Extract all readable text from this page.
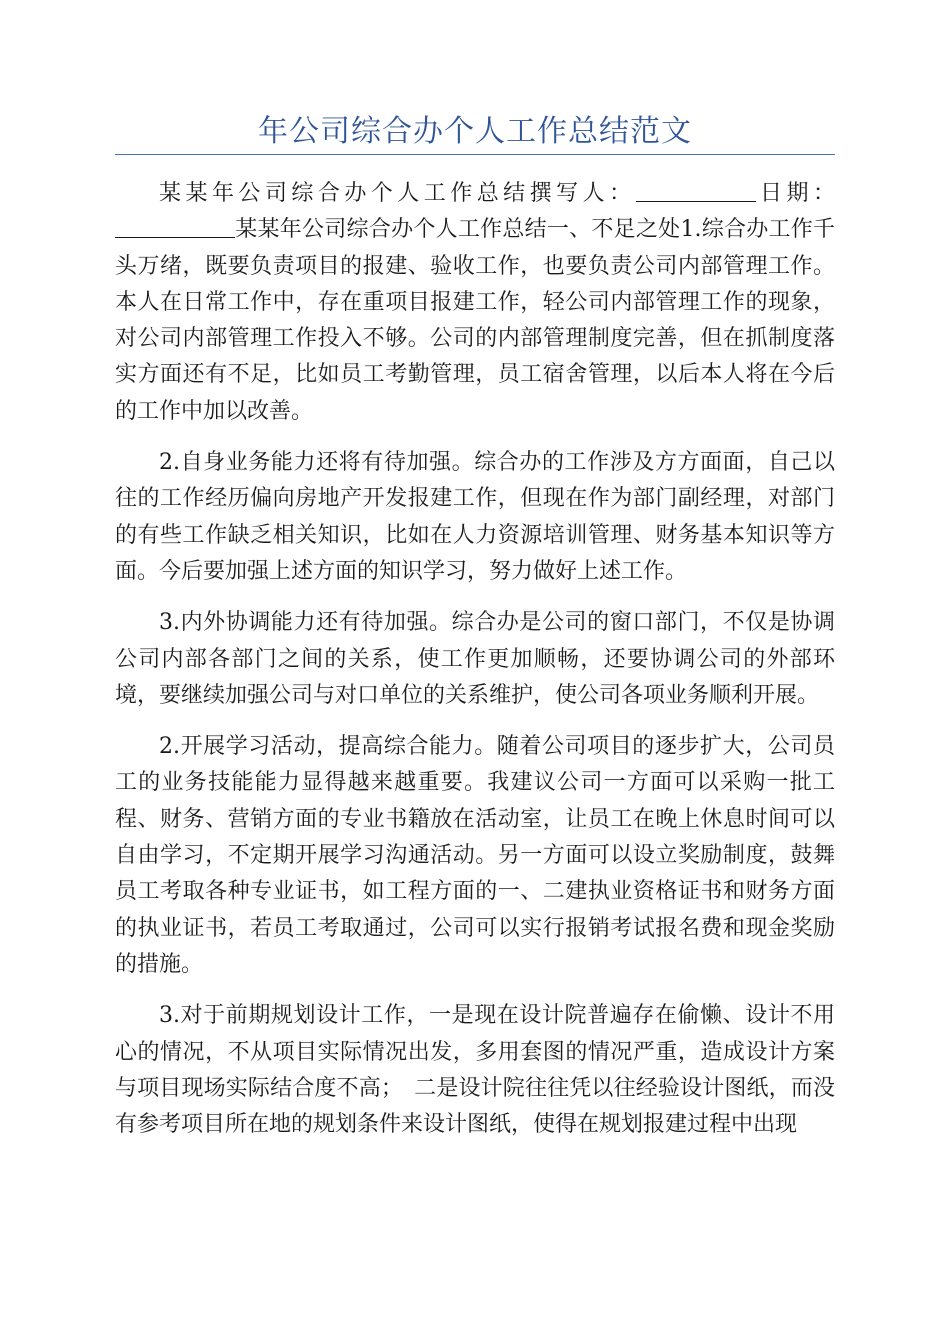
年公司综合办个人工作总结范文

某某年公司综合办个人工作总结撰写人：	日期：某某年公司综合办个人工作总结一、不足之处1.综合办工作千头万绪，既要负责项目的报建、验收工作，也要负责公司内部管理工作。本人在日常工作中，存在重项目报建工作，轻公司内部管理工作的现象，对公司内部管理工作投入不够。公司的内部管理制度完善，但在抓制度落实方面还有不足，比如员工考勤管理，员工宿舍管理，以后本人将在今后的工作中加以改善。

2.自身业务能力还将有待加强。综合办的工作涉及方方面面，自己以往的工作经历偏向房地产开发报建工作，但现在作为部门副经理，对部门的有些工作缺乏相关知识，比如在人力资源培训管理、财务基本知识等方面。今后要加强上述方面的知识学习，努力做好上述工作。

3.内外协调能力还有待加强。综合办是公司的窗口部门，不仅是协调公司内部各部门之间的关系，使工作更加顺畅，还要协调公司的外部环境，要继续加强公司与对口单位的关系维护，使公司各项业务顺利开展。

2.开展学习活动，提高综合能力。随着公司项目的逐步扩大，公司员工的业务技能能力显得越来越重要。我建议公司一方面可以采购一批工程、财务、营销方面的专业书籍放在活动室，让员工在晚上休息时间可以自由学习，不定期开展学习沟通活动。另一方面可以设立奖励制度，鼓舞员工考取各种专业证书，如工程方面的一、二建执业资格证书和财务方面的执业证书，若员工考取通过，公司可以实行报销考试报名费和现金奖励的措施。

3.对于前期规划设计工作，一是现在设计院普遍存在偷懒、设计不用心的情况，不从项目实际情况出发，多用套图的情况严重，造成设计方案与项目现场实际结合度不高；　二是设计院往往凭以往经验设计图纸，而没有参考项目所在地的规划条件来设计图纸，使得在规划报建过程中出现
